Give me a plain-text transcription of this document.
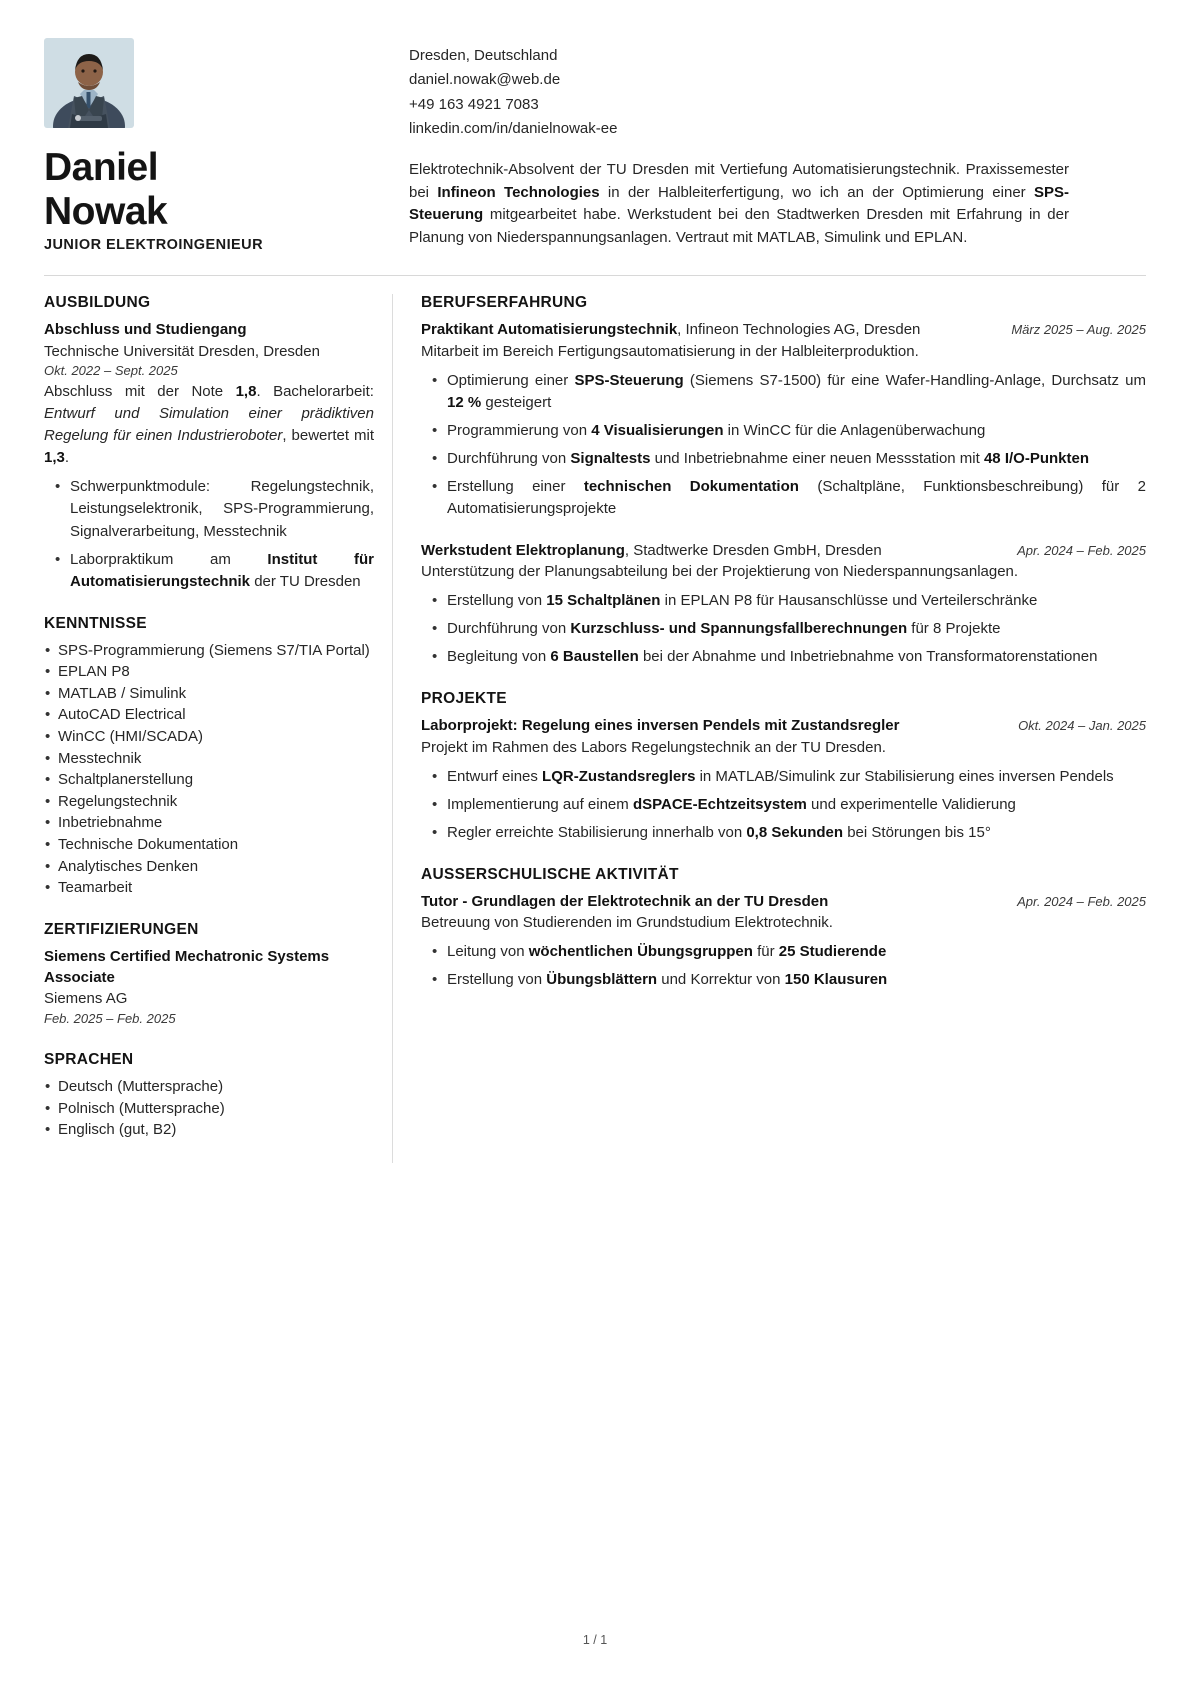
Daniel
Nowak
JUNIOR ELEKTROINGENIEUR
Dresden, Deutschland
daniel.nowak@web.de
+49 163 4921 7083
linkedin.com/in/danielnowak-ee
Elektrotechnik-Absolvent der TU Dresden mit Vertiefung Automatisierungstechnik. Praxissemester bei Infineon Technologies in der Halbleiterfertigung, wo ich an der Optimierung einer SPS-Steuerung mitgearbeitet habe. Werkstudent bei den Stadtwerken Dresden mit Erfahrung in der Planung von Niederspannungsanlagen. Vertraut mit MATLAB, Simulink und EPLAN.
AUSBILDUNG
Abschluss und Studiengang
Technische Universität Dresden, Dresden
Okt. 2022 – Sept. 2025
Abschluss mit der Note 1,8. Bachelorarbeit: Entwurf und Simulation einer prädiktiven Regelung für einen Industrieroboter, bewertet mit 1,3.
• Schwerpunktmodule: Regelungstechnik, Leistungselektronik, SPS-Programmierung, Signalverarbeitung, Messtechnik
• Laborpraktikum am Institut für Automatisierungstechnik der TU Dresden
KENNTNISSE
• SPS-Programmierung (Siemens S7/TIA Portal)
• EPLAN P8
• MATLAB / Simulink
• AutoCAD Electrical
• WinCC (HMI/SCADA)
• Messtechnik
• Schaltplanerstellung
• Regelungstechnik
• Inbetriebnahme
• Technische Dokumentation
• Analytisches Denken
• Teamarbeit
ZERTIFIZIERUNGEN
Siemens Certified Mechatronic Systems Associate
Siemens AG
Feb. 2025 – Feb. 2025
SPRACHEN
• Deutsch (Muttersprache)
• Polnisch (Muttersprache)
• Englisch (gut, B2)
BERUFSERFAHRUNG
Praktikant Automatisierungstechnik, Infineon Technologies AG, Dresden	März 2025 – Aug. 2025
Mitarbeit im Bereich Fertigungsautomatisierung in der Halbleiterproduktion.
• Optimierung einer SPS-Steuerung (Siemens S7-1500) für eine Wafer-Handling-Anlage, Durchsatz um 12 % gesteigert
• Programmierung von 4 Visualisierungen in WinCC für die Anlagenüberwachung
• Durchführung von Signaltests und Inbetriebnahme einer neuen Messstation mit 48 I/O-Punkten
• Erstellung einer technischen Dokumentation (Schaltpläne, Funktionsbeschreibung) für 2 Automatisierungsprojekte
Werkstudent Elektroplanung, Stadtwerke Dresden GmbH, Dresden	Apr. 2024 – Feb. 2025
Unterstützung der Planungsabteilung bei der Projektierung von Niederspannungsanlagen.
• Erstellung von 15 Schaltplänen in EPLAN P8 für Hausanschlüsse und Verteilerschränke
• Durchführung von Kurzschluss- und Spannungsfallberechnungen für 8 Projekte
• Begleitung von 6 Baustellen bei der Abnahme und Inbetriebnahme von Transformatorenstationen
PROJEKTE
Laborprojekt: Regelung eines inversen Pendels mit Zustandsregler	Okt. 2024 – Jan. 2025
Projekt im Rahmen des Labors Regelungstechnik an der TU Dresden.
• Entwurf eines LQR-Zustandsreglers in MATLAB/Simulink zur Stabilisierung eines inversen Pendels
• Implementierung auf einem dSPACE-Echtzeitsystem und experimentelle Validierung
• Regler erreichte Stabilisierung innerhalb von 0,8 Sekunden bei Störungen bis 15°
AUSSERSCHULISCHE AKTIVITÄT
Tutor - Grundlagen der Elektrotechnik an der TU Dresden	Apr. 2024 – Feb. 2025
Betreuung von Studierenden im Grundstudium Elektrotechnik.
• Leitung von wöchentlichen Übungsgruppen für 25 Studierende
• Erstellung von Übungsblättern und Korrektur von 150 Klausuren
1 / 1
